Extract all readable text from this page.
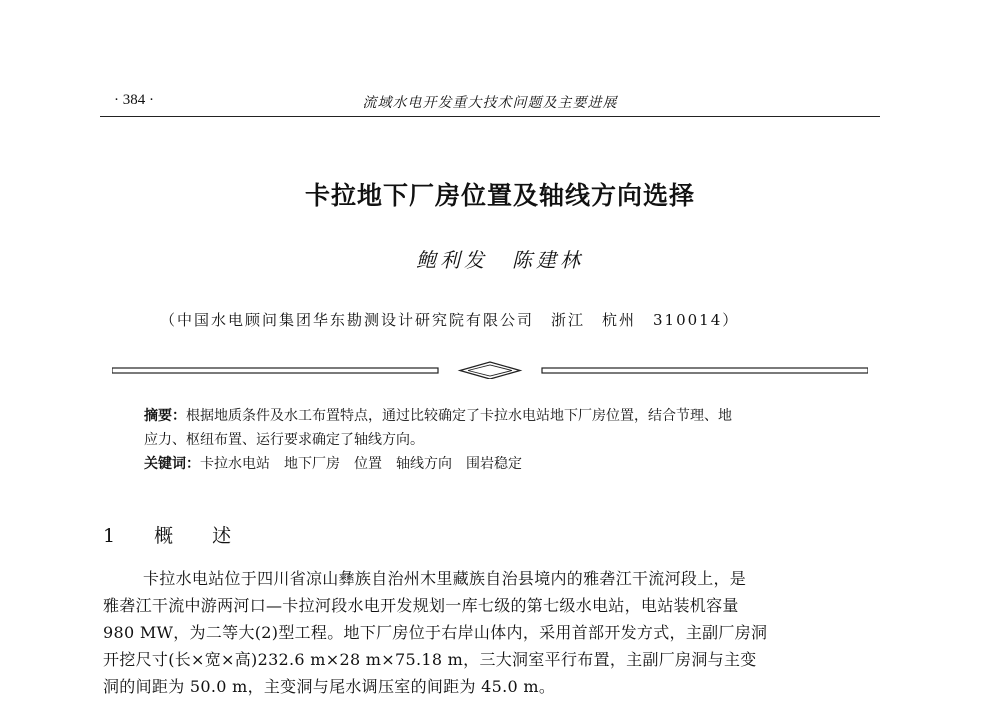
· 384 ·	流域水电开发重大技术问题及主要进展
卡拉地下厂房位置及轴线方向选择
鲍利发　陈建林
（中国水电顾问集团华东勘测设计研究院有限公司　浙江　杭州　310014）

摘要：根据地质条件及水工布置特点，通过比较确定了卡拉水电站地下厂房位置，结合节理、地

应力、枢纽布置、运行要求确定了轴线方向。

关键词：卡拉水电站　地下厂房　位置　轴线方向　围岩稳定

1　概　述

卡拉水电站位于四川省凉山彝族自治州木里藏族自治县境内的雅砻江干流河段上，是

雅砻江干流中游两河口—卡拉河段水电开发规划一库七级的第七级水电站，电站装机容量

980 MW，为二等大(2)型工程。地下厂房位于右岸山体内，采用首部开发方式，主副厂房洞

开挖尺寸(长×宽×高)232.6 m×28 m×75.18 m，三大洞室平行布置，主副厂房洞与主变

洞的间距为 50.0 m，主变洞与尾水调压室的间距为 45.0 m。
